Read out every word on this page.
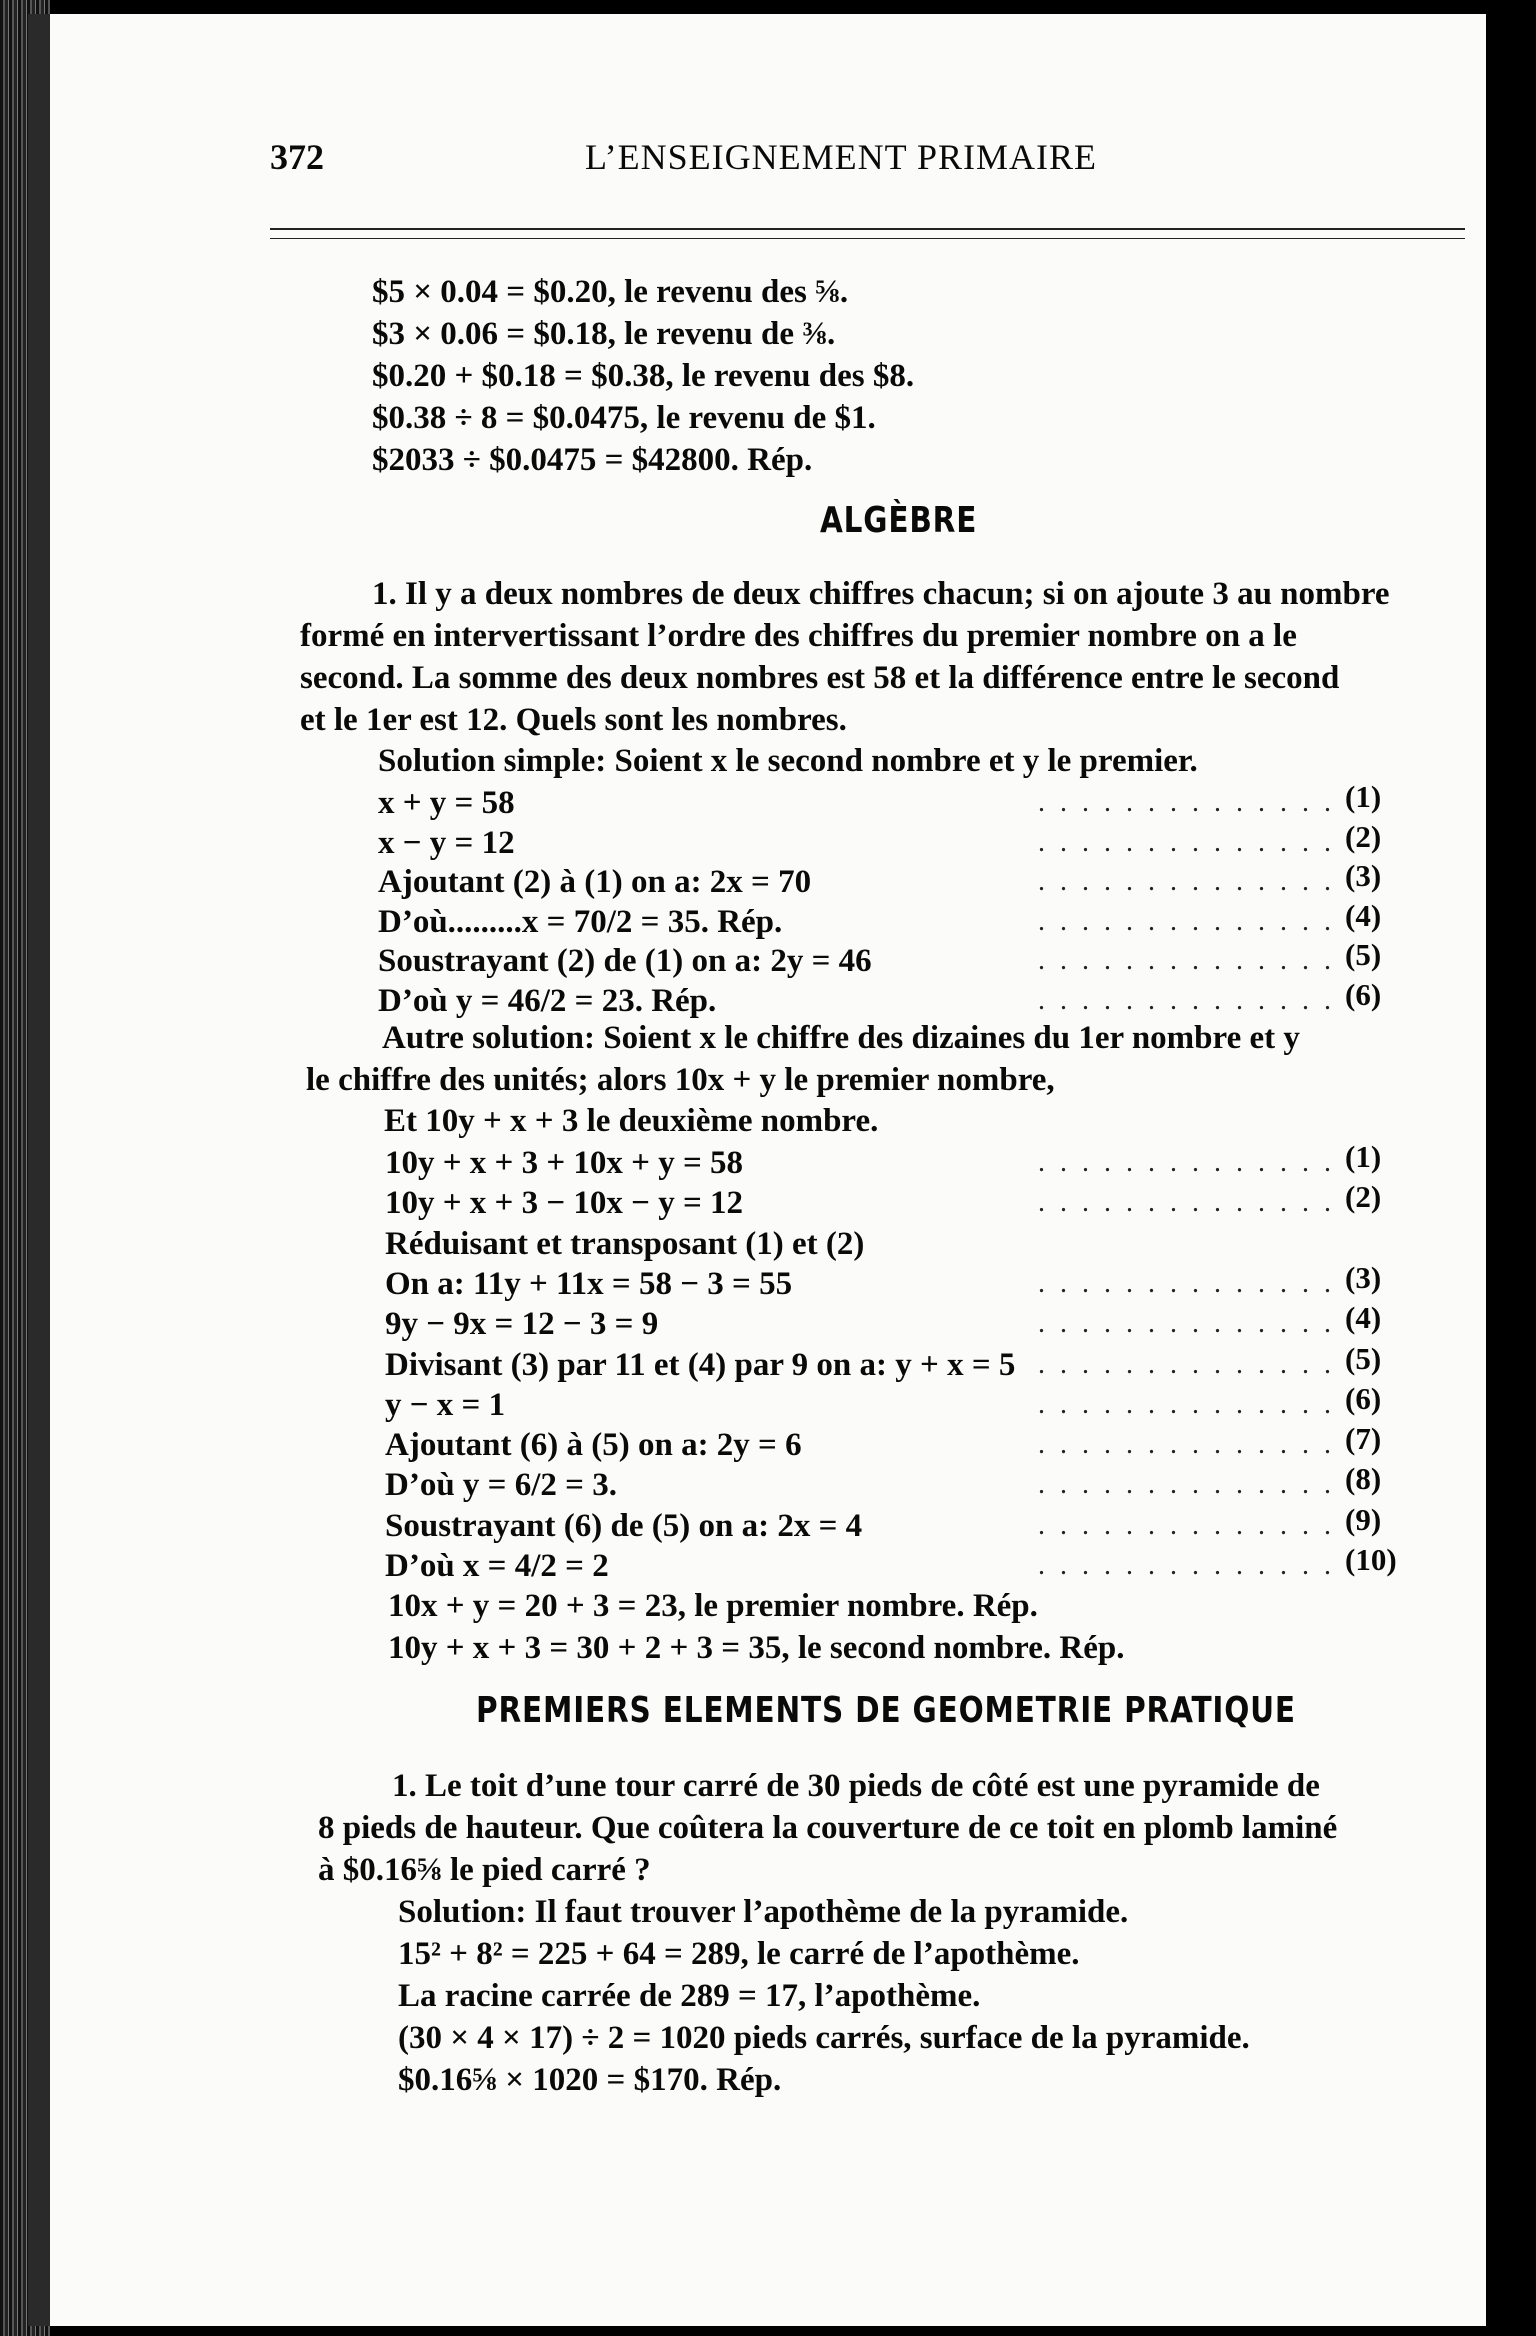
372	L’ENSEIGNEMENT PRIMAIRE
$5 × 0.04 = $0.20, le revenu des ⅝.
$3 × 0.06 = $0.18, le revenu de ⅜.
$0.20 + $0.18 = $0.38, le revenu des $8.
$0.38 ÷ 8 = $0.0475, le revenu de $1.
$2033 ÷ $0.0475 = $42800. Rép.
ALGÈBRE
1. Il y a deux nombres de deux chiffres chacun; si on ajoute 3 au nombre
formé en intervertissant l’ordre des chiffres du premier nombre on a le
second. La somme des deux nombres est 58 et la différence entre le second
et le 1er est 12. Quels sont les nombres.
Solution simple: Soient x le second nombre et y le premier.
Autre solution: Soient x le chiffre des dizaines du 1er nombre et y
le chiffre des unités; alors 10x + y le premier nombre,
Et 10y + x + 3 le deuxième nombre.
10x + y = 20 + 3 = 23, le premier nombre. Rép.
10y + x + 3 = 30 + 2 + 3 = 35, le second nombre. Rép.
PREMIERS ELEMENTS DE GEOMETRIE PRATIQUE
1. Le toit d’une tour carré de 30 pieds de côté est une pyramide de
8 pieds de hauteur. Que coûtera la couverture de ce toit en plomb laminé
à $0.16⅝ le pied carré ?
Solution: Il faut trouver l’apothème de la pyramide.
15² + 8² = 225 + 64 = 289, le carré de l’apothème.
La racine carrée de 289 = 17, l’apothème.
(30 × 4 × 17) ÷ 2 = 1020 pieds carrés, surface de la pyramide.
$0.16⅝ × 1020 = $170. Rép.
x + y = 58	. . . . . . . . . . . . . . (1)
x − y = 12	. . . . . . . . . . . . . . (2)
Ajoutant (2) à (1) on a: 2x = 70	. . . . . . . . . . . . . . (3)
D’où.........x = 70/2 = 35. Rép.	. . . . . . . . . . . . . . (4)
Soustrayant (2) de (1) on a: 2y = 46	. . . . . . . . . . . . . . (5)
D’où y = 46/2 = 23. Rép.	. . . . . . . . . . . . . . (6)
10y + x + 3 + 10x + y = 58	. . . . . . . . . . . . . . (1)
10y + x + 3 − 10x − y = 12	. . . . . . . . . . . . . . (2)
Réduisant et transposant (1) et (2)
On a: 11y + 11x = 58 − 3 = 55	. . . . . . . . . . . . . . (3)
9y − 9x = 12 − 3 = 9	. . . . . . . . . . . . . . (4)
Divisant (3) par 11 et (4) par 9 on a: y + x = 5 . . . . . . . . . . . . . . (5)
y − x = 1	. . . . . . . . . . . . . . (6)
Ajoutant (6) à (5) on a: 2y = 6	. . . . . . . . . . . . . . (7)
D’où y = 6/2 = 3.	. . . . . . . . . . . . . . (8)
Soustrayant (6) de (5) on a: 2x = 4	. . . . . . . . . . . . . . (9)
D’où x = 4/2 = 2	. . . . . . . . . . . . . . (10)
